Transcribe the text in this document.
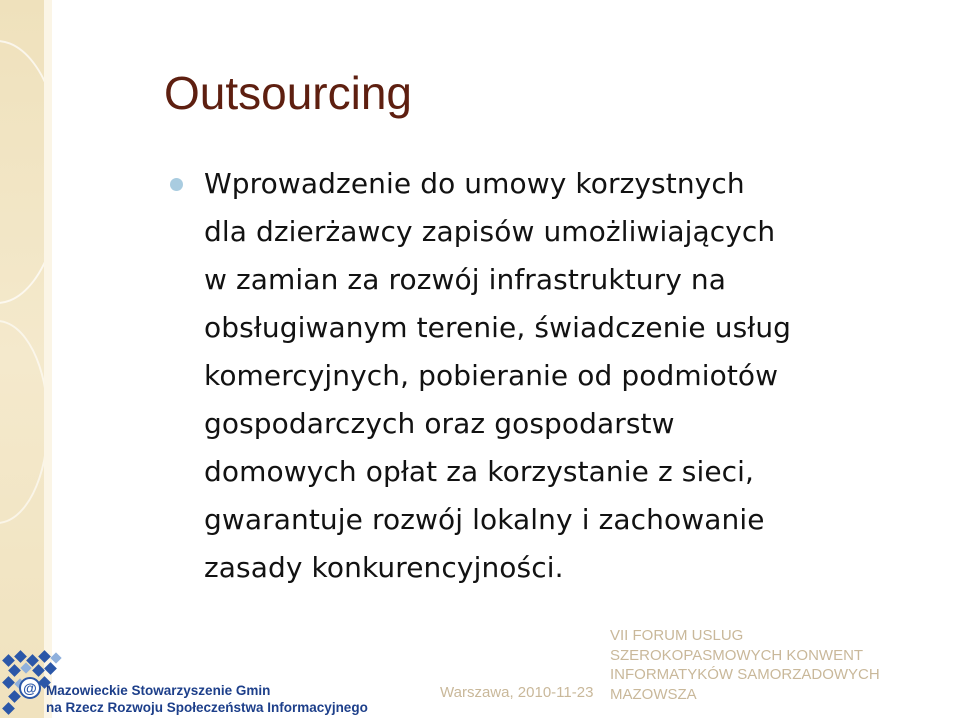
Outsourcing
Wprowadzenie do umowy korzystnych
dla dzierżawcy zapisów umożliwiających
w zamian za rozwój infrastruktury na
obsługiwanym terenie, świadczenie usług
komercyjnych, pobieranie od podmiotów
gospodarczych oraz gospodarstw
domowych opłat za korzystanie z sieci,
gwarantuje rozwój lokalny i zachowanie
zasady konkurencyjności.
@ Mazowieckie Stowarzyszenie Gmin
na Rzecz Rozwoju Społeczeństwa Informacyjnego
Warszawa, 2010-11-23
VII FORUM USLUG
SZEROKOPASMOWYCH KONWENT
INFORMATYKÓW SAMORZADOWYCH
MAZOWSZA
